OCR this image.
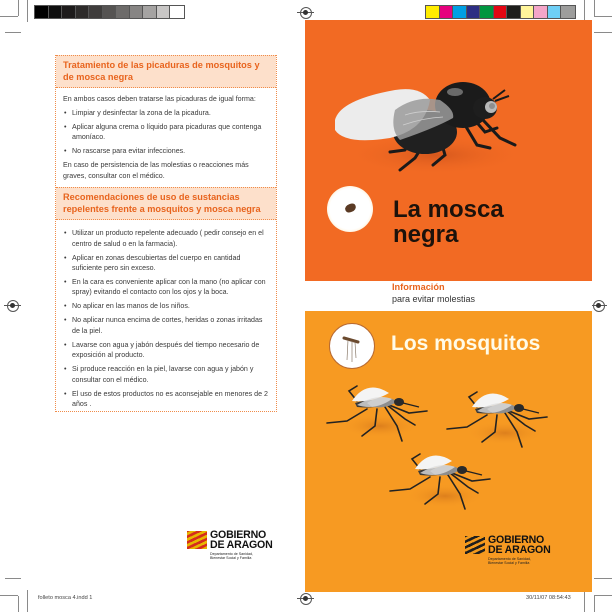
Tratamiento de las picaduras de mosquitos y de mosca negra

En ambos casos deben tratarse las picaduras de igual forma:

• Limpiar y desinfectar la zona de la picadura.
• Aplicar alguna crema o líquido para picaduras que contenga amoníaco.
• No rascarse para evitar infecciones.

En caso de persistencia de las molestias o reacciones más graves, consultar con el médico.

Recomendaciones de uso de sustancias repelentes frente a mosquitos y mosca negra
• Utilizar un producto repelente adecuado ( pedir consejo en el centro de salud o en la farmacia).
• Aplicar en zonas descubiertas del cuerpo en cantidad suficiente pero sin exceso.
• En la cara es conveniente aplicar con la mano (no aplicar con spray) evitando el contacto con los ojos y la boca.
• No aplicar en las manos de los niños.
• No aplicar nunca encima de cortes, heridas o zonas irritadas de la piel.
• Lavarse con agua y jabón después del tiempo necesario de exposición al producto.
• Si produce reacción en la piel, lavarse con agua y jabón y consultar con el médico.
• El uso de estos productos no es aconsejable en menores de 2 años .
GOBIERNO
DE ARAGON
Departamento de Sanidad,
Bienestar Social y Familia
La mosca
negra
Información
para evitar molestias
Los mosquitos
GOBIERNO
DE ARAGON
Departamento de Sanidad,
Bienestar Social y Familia
folleto mosca 4.indd 1	30/11/07 08:54:43
